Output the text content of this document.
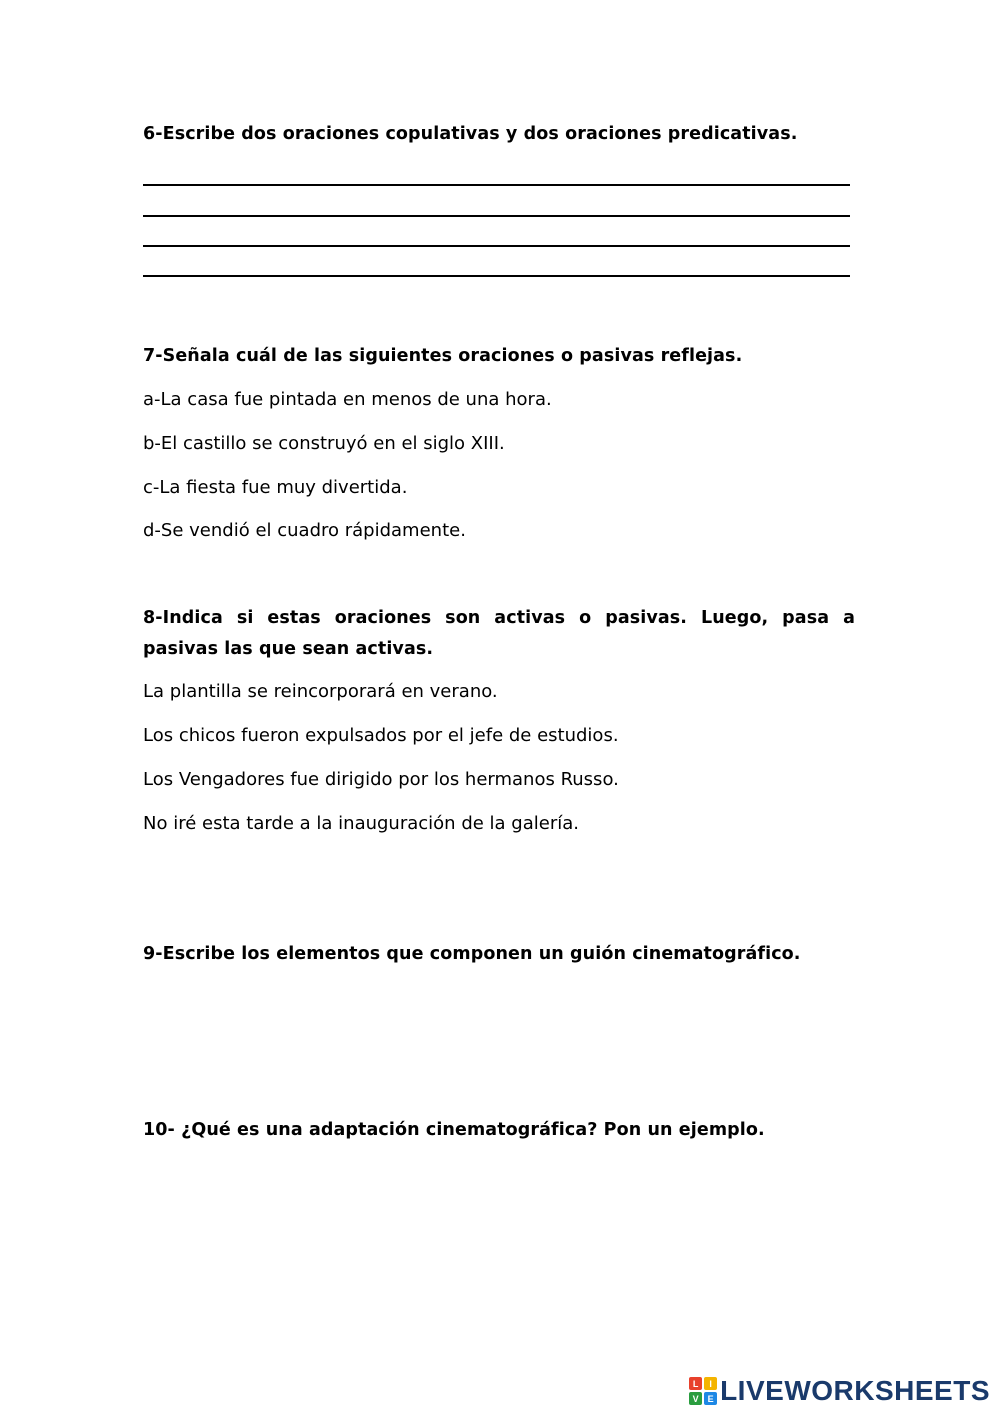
6-Escribe dos oraciones copulativas y dos oraciones predicativas.

7-Señala cuál de las siguientes oraciones o pasivas reflejas.

a-La casa fue pintada en menos de una hora.

b-El castillo se construyó en el siglo XIII.

c-La fiesta fue muy divertida.

d-Se vendió el cuadro rápidamente.

8-Indica si estas oraciones son activas o pasivas. Luego, pasa a pasivas las que sean activas.

La plantilla se reincorporará en verano.

Los chicos fueron expulsados por el jefe de estudios.

Los Vengadores fue dirigido por los hermanos Russo.

No iré esta tarde a la inauguración de la galería.

9-Escribe los elementos que componen un guión cinematográfico.

10- ¿Qué es una adaptación cinematográfica? Pon un ejemplo.

L	I
V E LIVEWORKSHEETS
